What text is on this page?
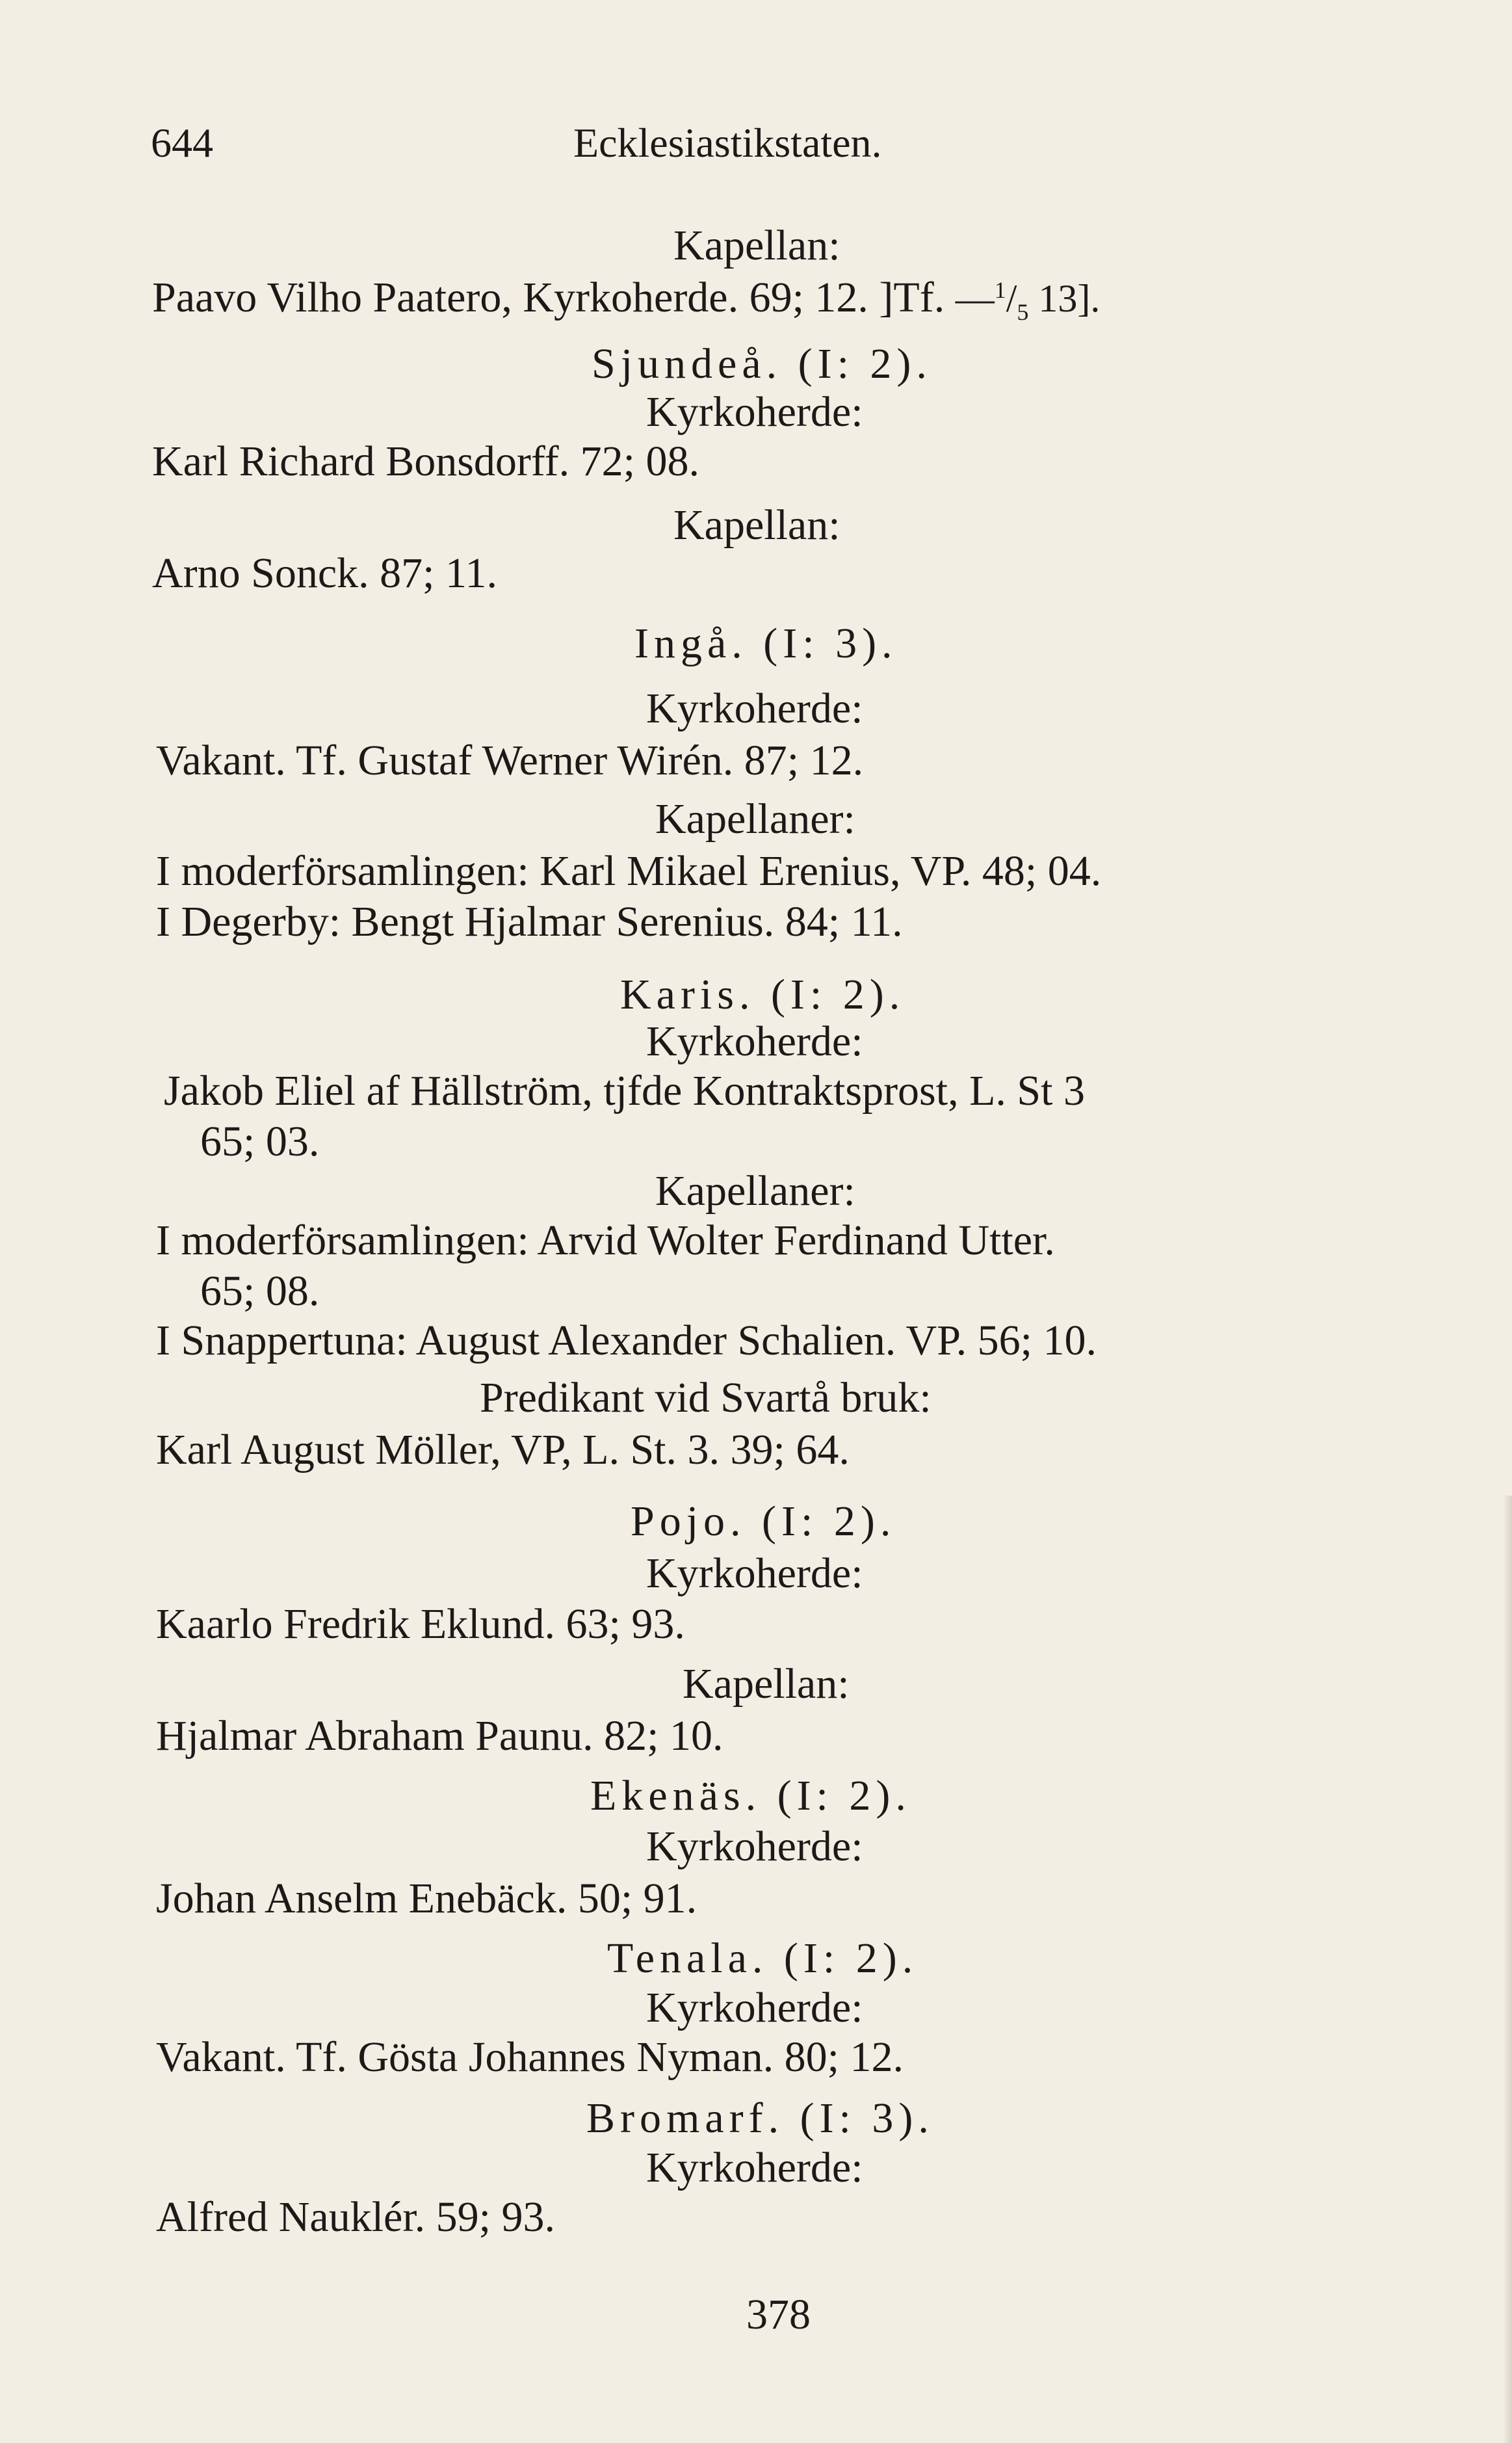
644	Ecklesiastikstaten.
Kapellan:
Paavo Vilho Paatero, Kyrkoherde. 69; 12. ]Tf. $—^1/_5$ 13].
Sjundeå. (I: 2).
Kyrkoherde:
Karl Richard Bonsdorff. 72; 08.
Kapellan:
Arno Sonck. 87; 11.
Ingå. (I: 3).
Kyrkoherde:
Vakant. Tf. Gustaf Werner Wirén. 87; 12.
Kapellaner:
I moderförsamlingen: Karl Mikael Erenius, VP. 48; 04.
I Degerby: Bengt Hjalmar Serenius. 84; 11.
Karis. (I: 2).
Kyrkoherde:
Jakob Eliel af Hällström, tjfde Kontraktsprost, L. St 3
65; 03.
Kapellaner:
I moderförsamlingen: Arvid Wolter Ferdinand Utter.
65; 08.
I Snappertuna: August Alexander Schalien. VP. 56; 10.
Predikant vid Svartå bruk:
Karl August Möller, VP, L. St. 3. 39; 64.
Pojo. (I: 2).
Kyrkoherde:
Kaarlo Fredrik Eklund. 63; 93.
Kapellan:
Hjalmar Abraham Paunu. 82; 10.
Ekenäs. (I: 2).
Kyrkoherde:
Johan Anselm Enebäck. 50; 91.
Tenala. (I: 2).
Kyrkoherde:
Vakant. Tf. Gösta Johannes Nyman. 80; 12.
Bromarf. (I: 3).
Kyrkoherde:
Alfred Nauklér. 59; 93.
378
